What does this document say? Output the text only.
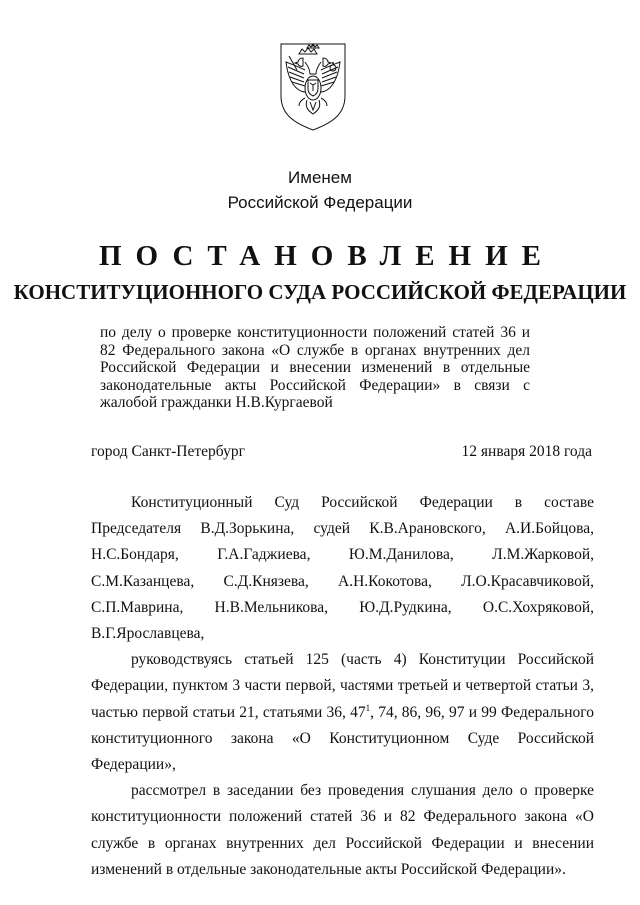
Именем
Российской Федерации
ПОСТАНОВЛЕНИЕ
КОНСТИТУЦИОННОГО СУДА РОССИЙСКОЙ ФЕДЕРАЦИИ
по делу о проверке конституционности положений статей 36 и 82 Федерального закона «О службе в органах внутренних дел Российской Федерации и внесении изменений в отдельные законодательные акты Российской Федерации» в связи с жалобой гражданки Н.В.Кургаевой
город Санкт-Петербург	12 января 2018 года

Конституционный Суд Российской Федерации в составе Председателя В.Д.Зорькина, судей К.В.Арановского, А.И.Бойцова, Н.С.Бондаря, Г.А.Гаджиева, Ю.М.Данилова, Л.М.Жарковой, С.М.Казанцева, С.Д.Князева, А.Н.Кокотова, Л.О.Красавчиковой, С.П.Маврина, Н.В.Мельникова, Ю.Д.Рудкина, О.С.Хохряковой, В.Г.Ярославцева,

руководствуясь статьей 125 (часть 4) Конституции Российской Федерации, пунктом 3 части первой, частями третьей и четвертой статьи 3, частью первой статьи 21, статьями 36, $47^1$, 74, 86, 96, 97 и 99 Федерального конституционного закона «О Конституционном Суде Российской Федерации»,

рассмотрел в заседании без проведения слушания дело о проверке конституционности положений статей 36 и 82 Федерального закона «О службе в органах внутренних дел Российской Федерации и внесении изменений в отдельные законодательные акты Российской Федерации».
